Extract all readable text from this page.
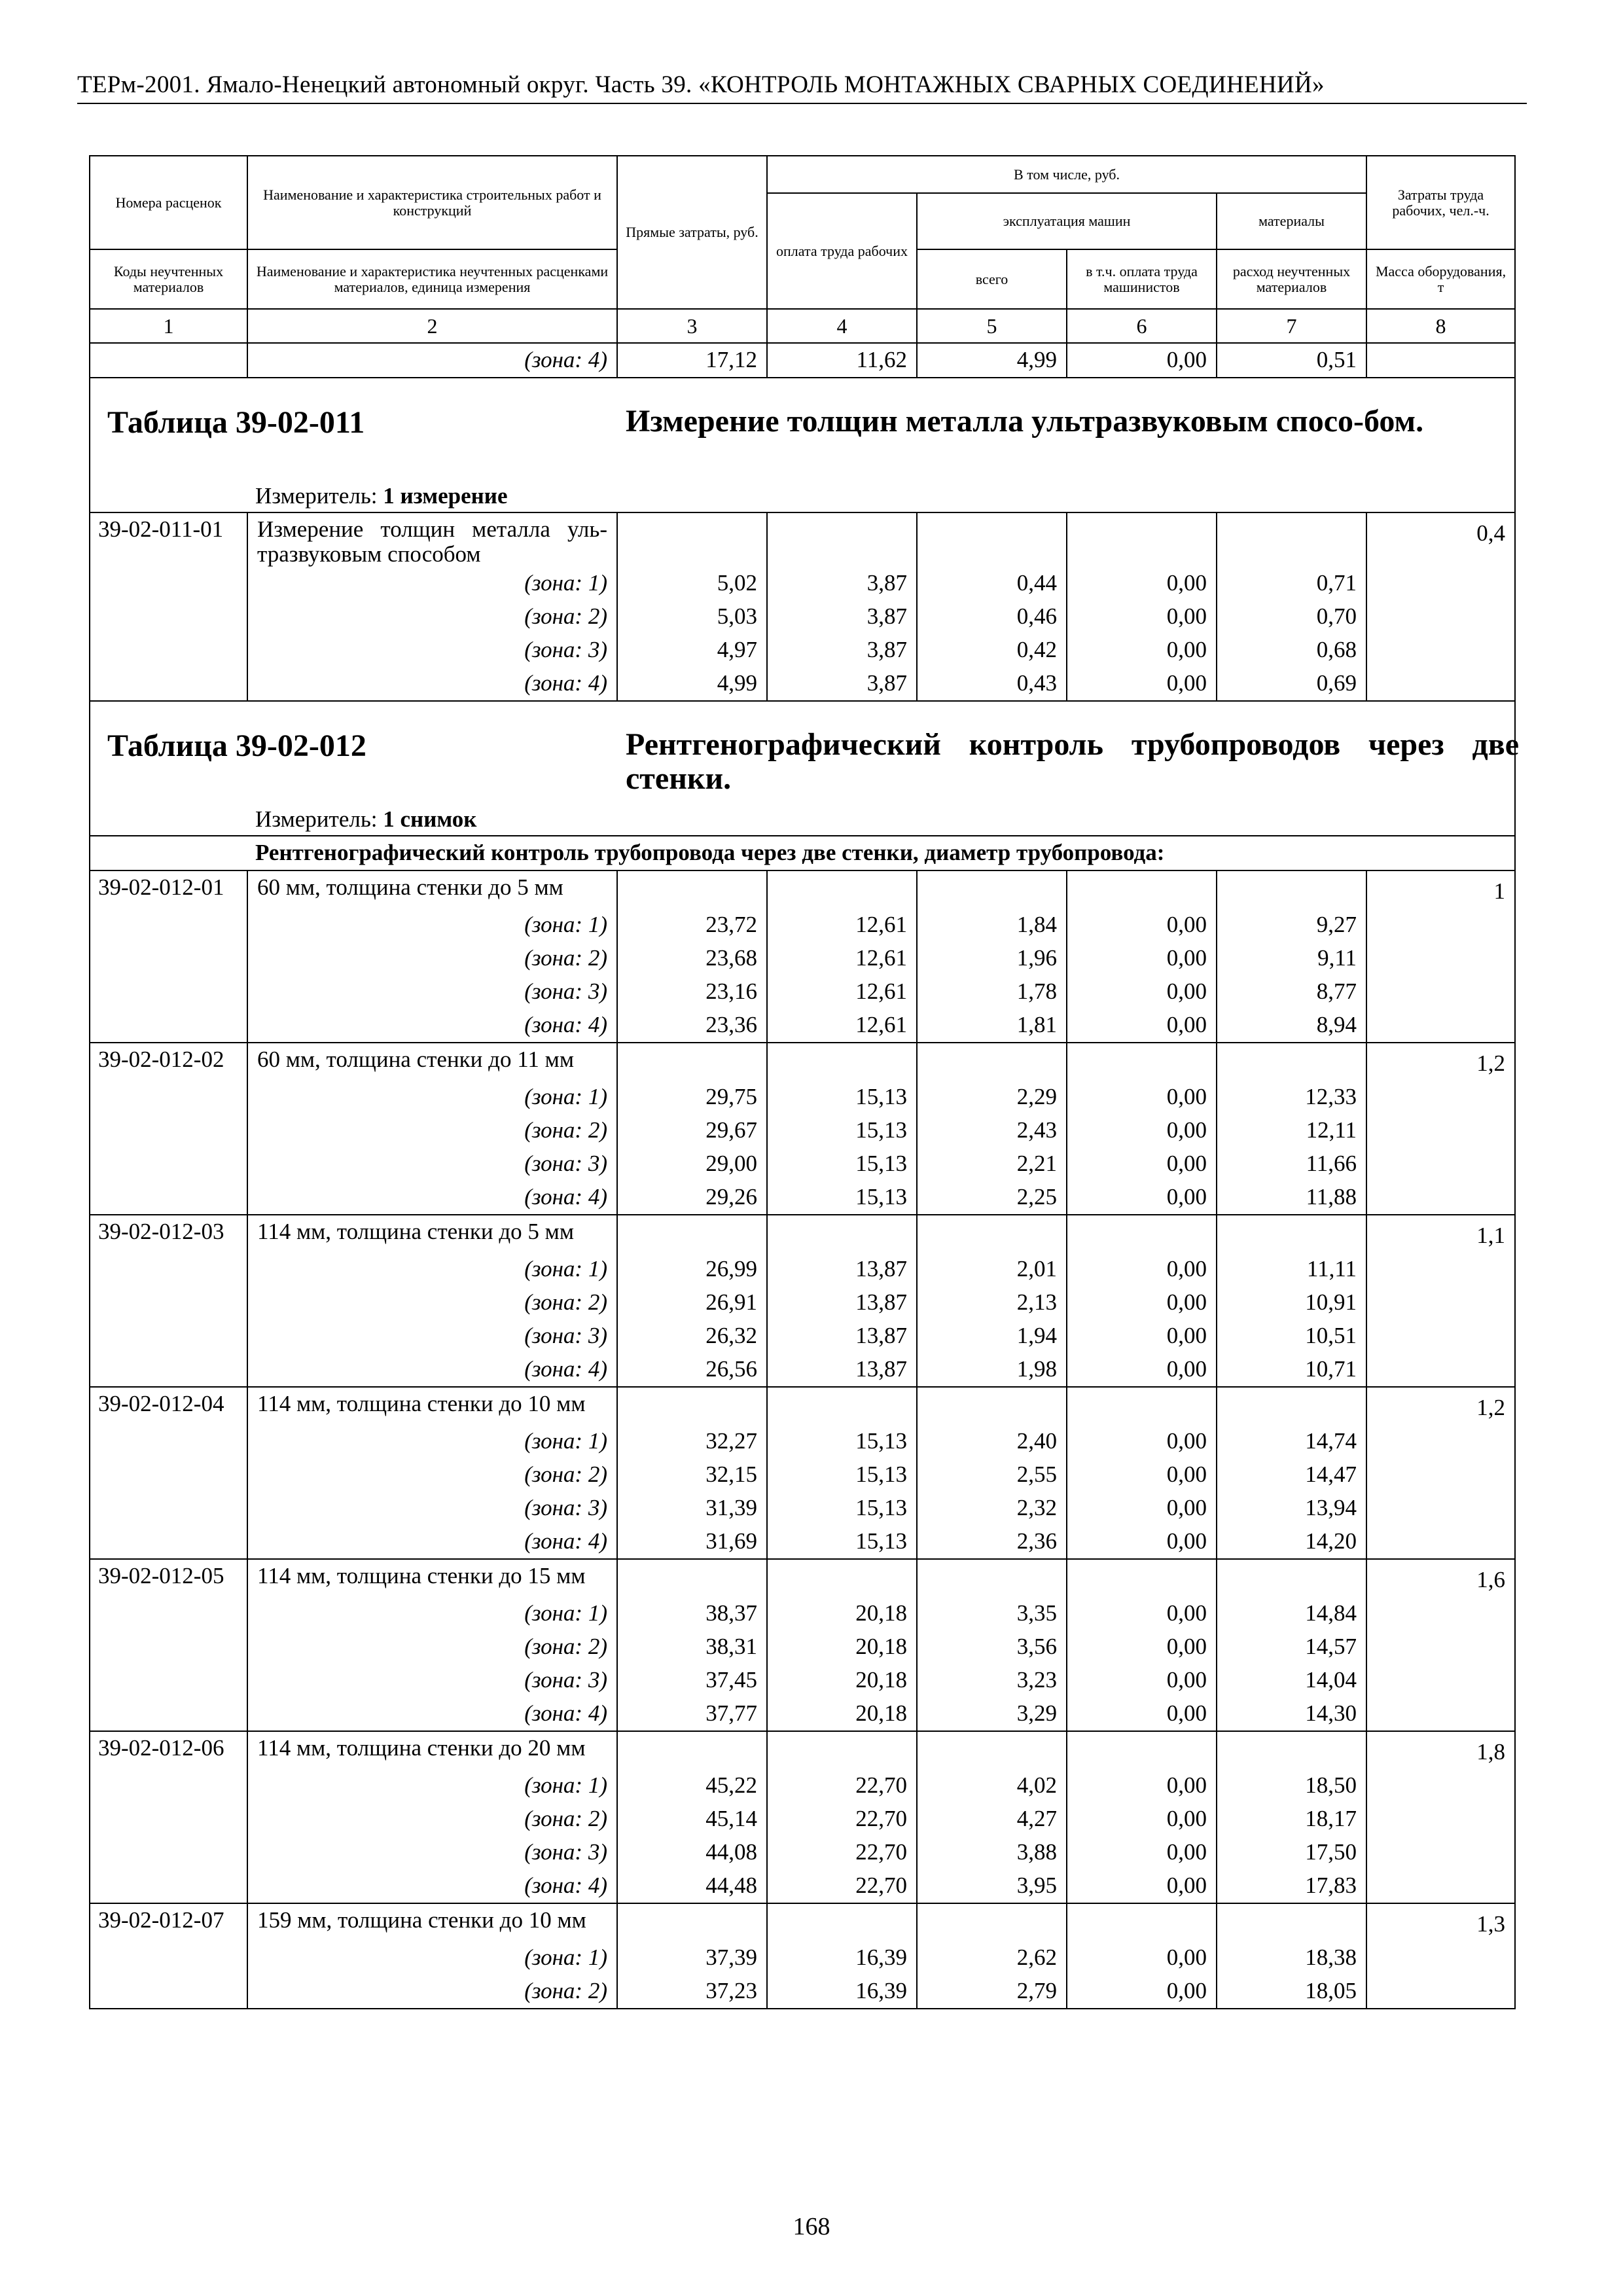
ТЕРм-2001. Ямало-Ненецкий автономный округ. Часть 39. «КОНТРОЛЬ МОНТАЖНЫХ СВАРНЫХ СОЕДИНЕНИЙ»
Номера расценок	Наименование и характеристика строительных работ и конструкций	Прямые затраты, руб.	В том числе, руб.				Затраты труда рабочих, чел.-ч.
			оплата труда рабочих	эксплуатация машин		материалы	

Коды неучтенных материалов	Наименование и характеристика неучтенных расценками материалов, единица измерения			всего	в т.ч. оплата труда машинистов	расход неучтенных материалов	Масса оборудования, т

1	2	3	4	5	6	7	8
	(зона: 4)	17,12	11,62	4,99	0,00	0,51	

Таблица 39-02-011 Измерение толщин металла ультразвуковым спосо-бом.
Измеритель: 1 измерение							

39-02-011-01	Измерение толщин металла уль-тразвуковым способом						0,4
	(зона: 1)	5,02	3,87	0,44	0,00	0,71	
	(зона: 2)	5,03	3,87	0,46	0,00	0,70	
	(зона: 3)	4,97	3,87	0,42	0,00	0,68	
	(зона: 4)	4,99	3,87	0,43	0,00	0,69	

Таблица 39-02-012 Рентгенографический контроль трубопроводов через две стенки.
Измеритель: 1 снимок							

Рентгенографический контроль трубопровода через две стенки, диаметр трубопровода:							
39-02-012-01	60 мм, толщина стенки до 5 мм						1
	(зона: 1)	23,72	12,61	1,84	0,00	9,27	
	(зона: 2)	23,68	12,61	1,96	0,00	9,11	
	(зона: 3)	23,16	12,61	1,78	0,00	8,77	
	(зона: 4)	23,36	12,61	1,81	0,00	8,94	
39-02-012-02	60 мм, толщина стенки до 11 мм						1,2
	(зона: 1)	29,75	15,13	2,29	0,00	12,33	
	(зона: 2)	29,67	15,13	2,43	0,00	12,11	
	(зона: 3)	29,00	15,13	2,21	0,00	11,66	
	(зона: 4)	29,26	15,13	2,25	0,00	11,88	
39-02-012-03	114 мм, толщина стенки до 5 мм						1,1
	(зона: 1)	26,99	13,87	2,01	0,00	11,11	
	(зона: 2)	26,91	13,87	2,13	0,00	10,91	
	(зона: 3)	26,32	13,87	1,94	0,00	10,51	
	(зона: 4)	26,56	13,87	1,98	0,00	10,71	
39-02-012-04	114 мм, толщина стенки до 10 мм						1,2
	(зона: 1)	32,27	15,13	2,40	0,00	14,74	
	(зона: 2)	32,15	15,13	2,55	0,00	14,47	
	(зона: 3)	31,39	15,13	2,32	0,00	13,94	
	(зона: 4)	31,69	15,13	2,36	0,00	14,20	
39-02-012-05	114 мм, толщина стенки до 15 мм						1,6
	(зона: 1)	38,37	20,18	3,35	0,00	14,84	
	(зона: 2)	38,31	20,18	3,56	0,00	14,57	
	(зона: 3)	37,45	20,18	3,23	0,00	14,04	
	(зона: 4)	37,77	20,18	3,29	0,00	14,30	
39-02-012-06	114 мм, толщина стенки до 20 мм						1,8
	(зона: 1)	45,22	22,70	4,02	0,00	18,50	
	(зона: 2)	45,14	22,70	4,27	0,00	18,17	
	(зона: 3)	44,08	22,70	3,88	0,00	17,50	
	(зона: 4)	44,48	22,70	3,95	0,00	17,83	
39-02-012-07	159 мм, толщина стенки до 10 мм						1,3
	(зона: 1)	37,39	16,39	2,62	0,00	18,38	
	(зона: 2)	37,23	16,39	2,79	0,00	18,05	
168
